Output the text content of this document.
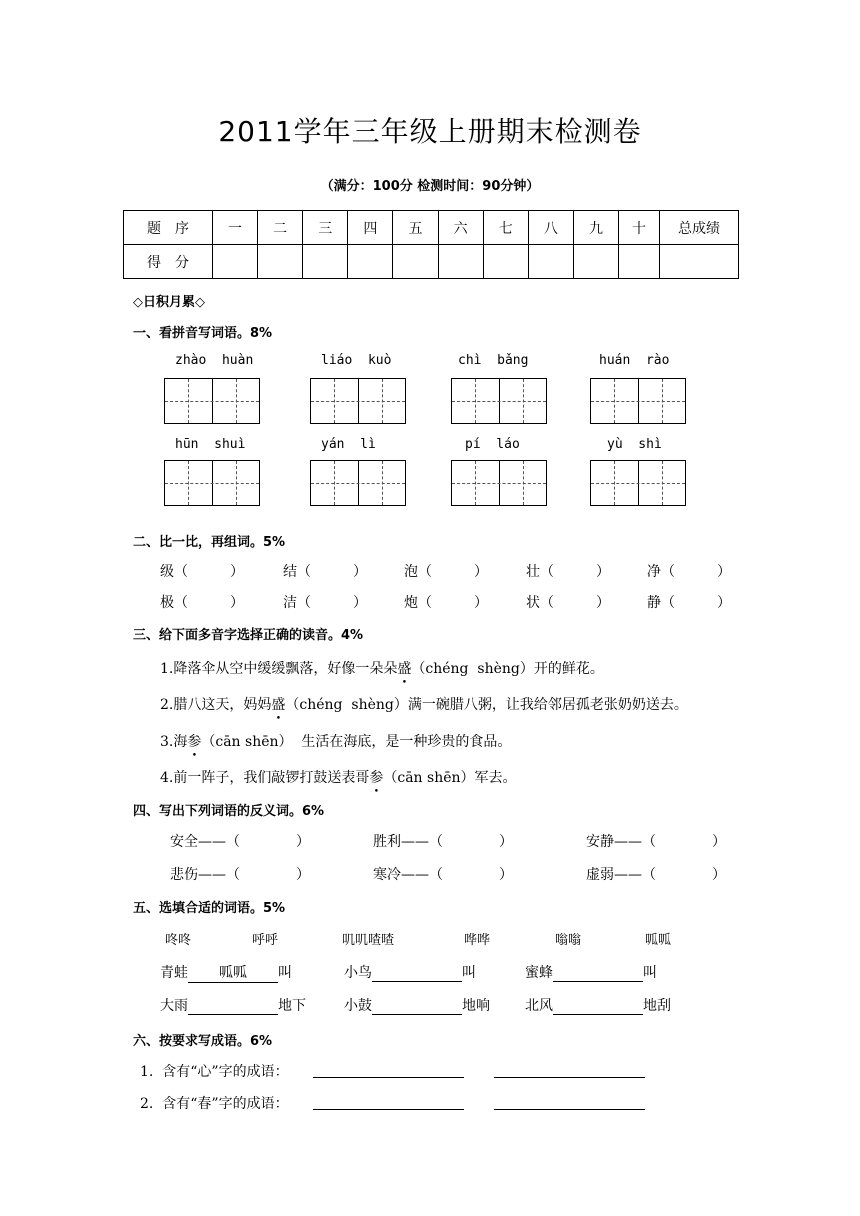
2011学年三年级上册期末检测卷
（满分：100分 检测时间：90分钟）
题　序	一	二	三	四	五	六	七	八	九	十	总成绩
得　分											
◇日积月累◇
一、看拼音写词语。8%
zhào  huàn	liáo  kuò	chì  bǎng	huán  rào
hūn  shuì	yán  lì	pí  láo	yù  shì
二、比一比，再组词。5%
级（　　　）	结（　　　）	泡（　　　）	壮（　　　）	净（　　　）
极（　　　）	洁（　　　）	炮（　　　）	状（　　　）	静（　　　）
三、给下面多音字选择正确的读音。4%
1.降落伞从空中缓缓飘落，好像一朵朵盛（chéng  shèng）开的鲜花。
2.腊八这天，妈妈盛（chéng  shèng）满一碗腊八粥，让我给邻居孤老张奶奶送去。
3.海参（cān shēn）  生活在海底，是一种珍贵的食品。
4.前一阵子，我们敲锣打鼓送表哥参（cān shēn）军去。
四、写出下列词语的反义词。6%
安全——（　　　　）	胜利——（　　　　）	安静——（　　　　）
悲伤——（　　　　）	寒冷——（　　　　）	虚弱——（　　　　）
五、选填合适的词语。5%
咚咚	呼呼	叽叽喳喳	哗哗	嗡嗡	呱呱
青蛙 呱呱 叫	小鸟	叫	蜜蜂	叫
大雨	地下	小鼓	地响	北风	地刮
六、按要求写成语。6%
1.  含有“心”字的成语：
2.  含有“春”字的成语：
